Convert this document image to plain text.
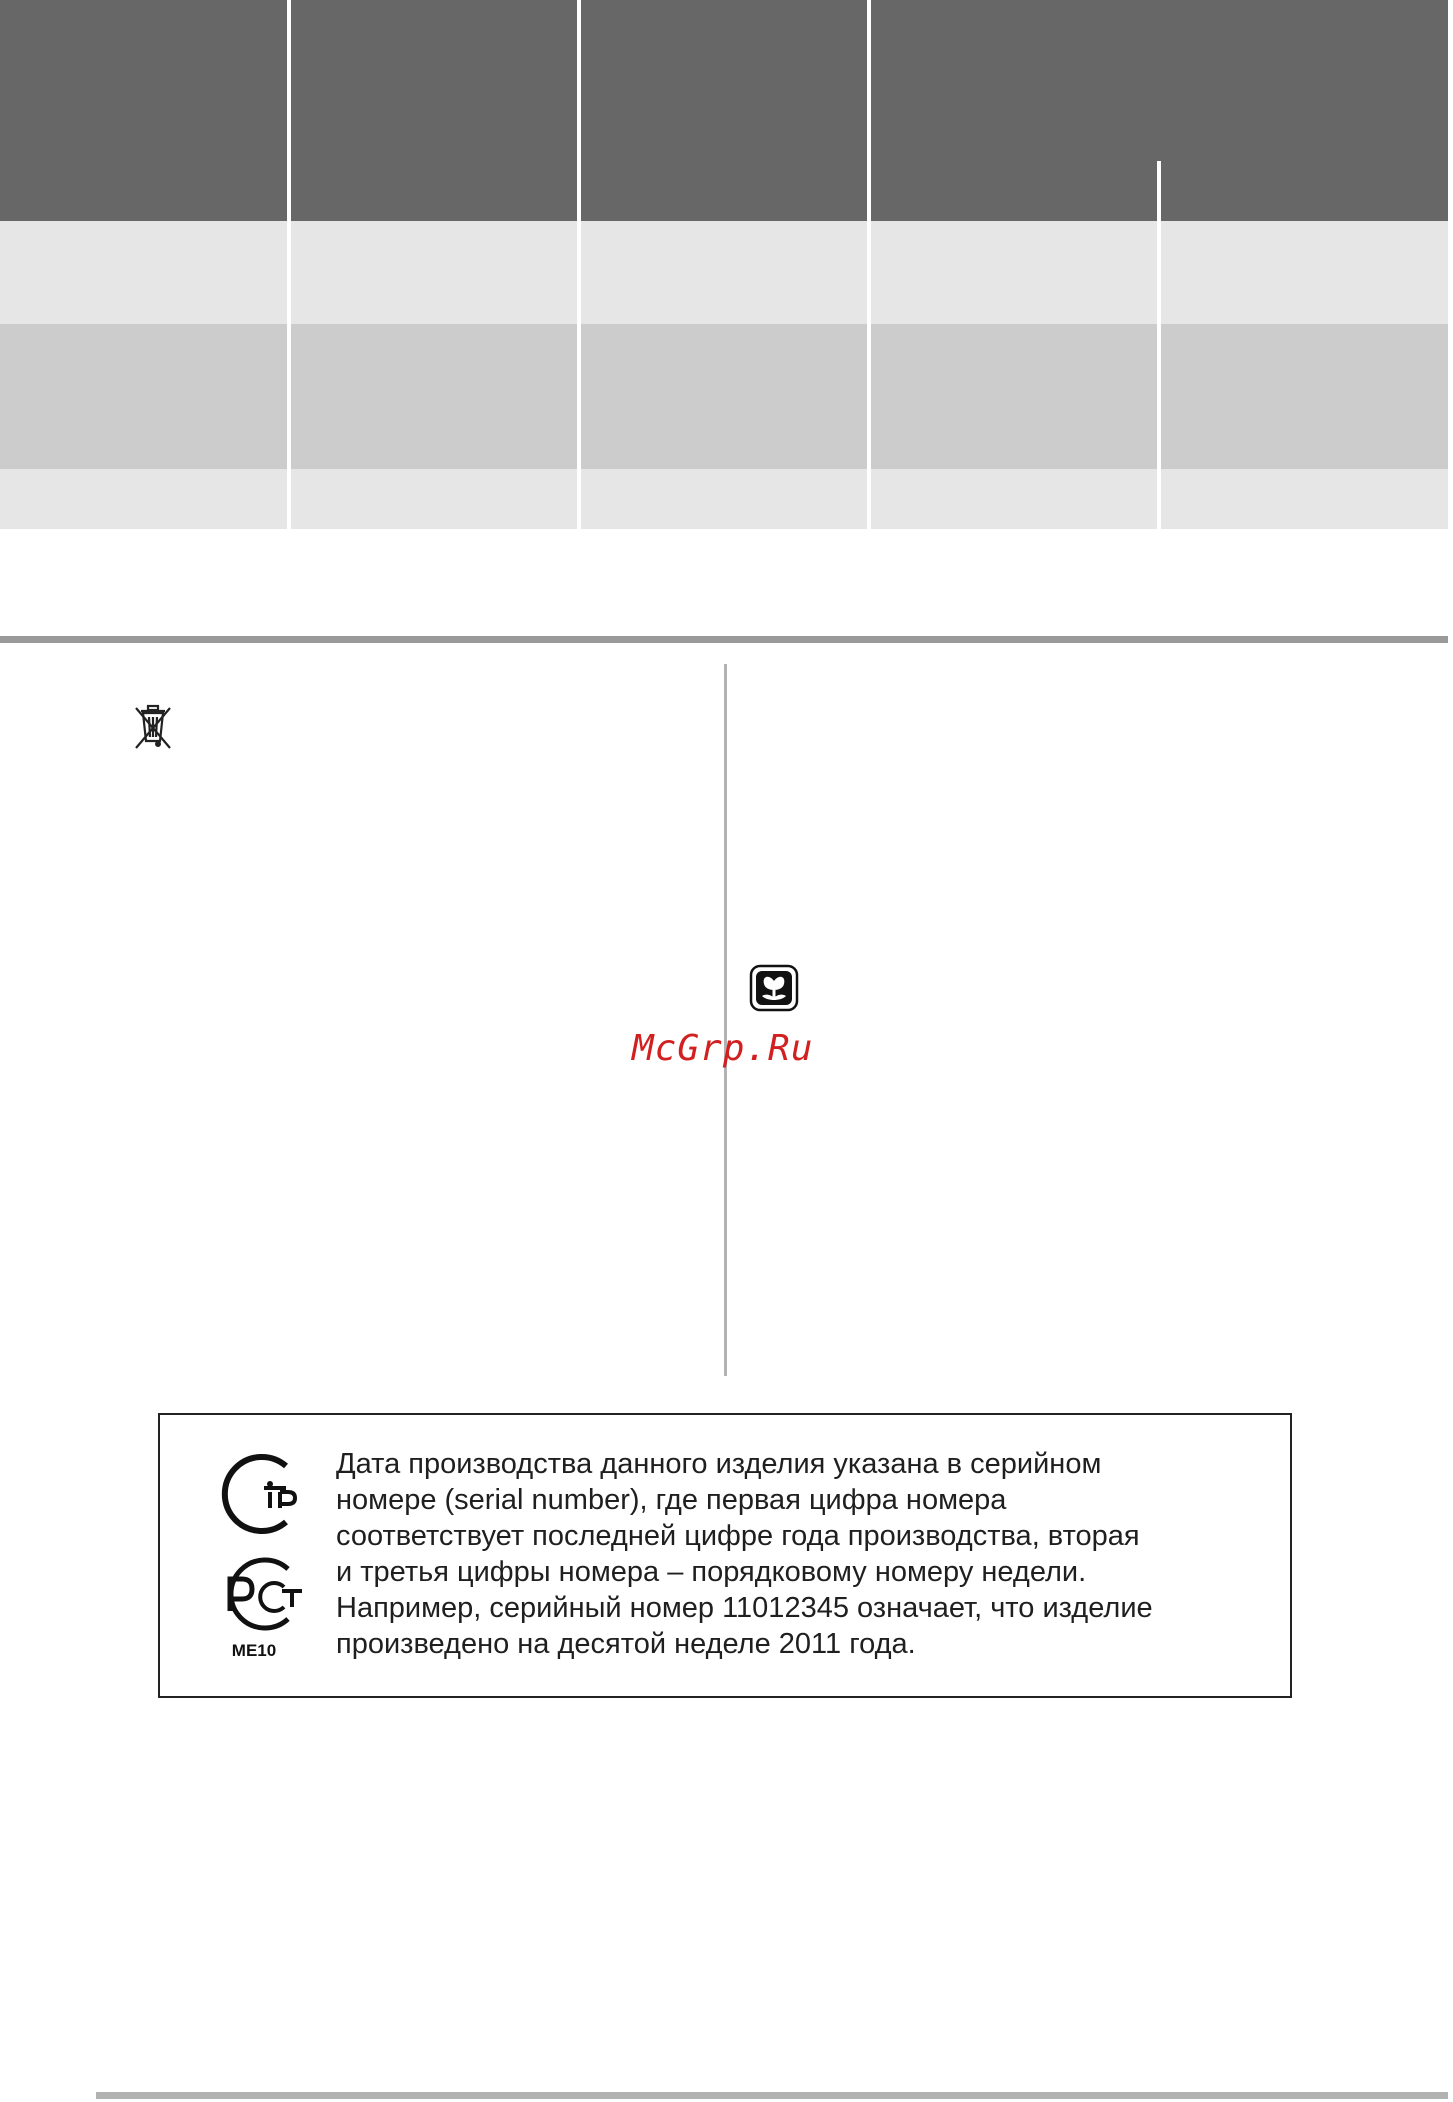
McGrp.Ru
ME10
Дата производства данного изделия указана в серийном
номере (serial number), где первая цифра номера
соответствует последней цифре года производства, вторая
и третья цифры номера – порядковому номеру недели.
Например, серийный номер 11012345 означает, что изделие
произведено на десятой неделе 2011 года.
